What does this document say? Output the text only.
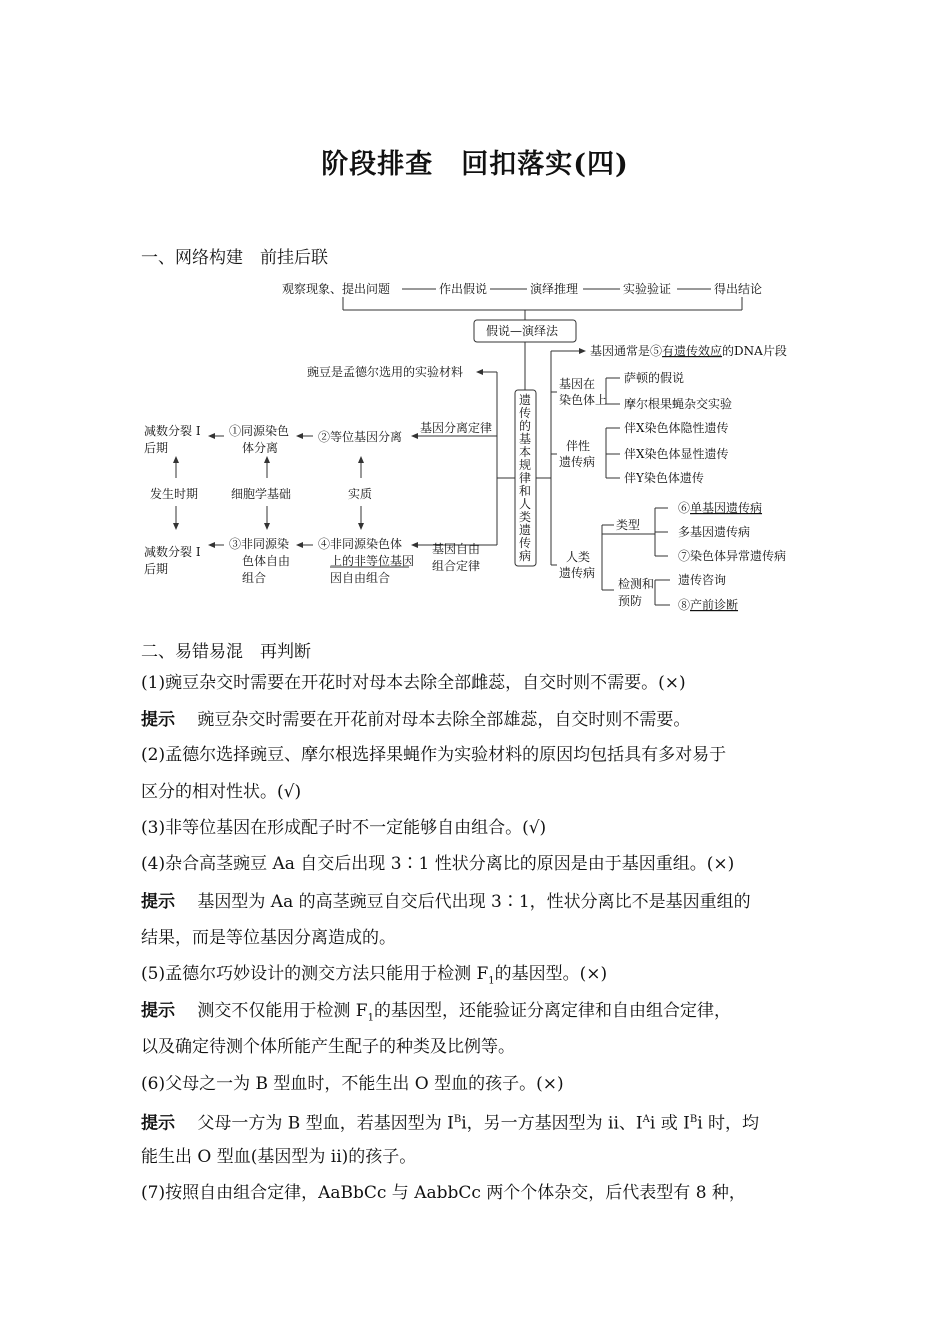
阶段排查　回扣落实(四)
一、网络构建　前挂后联
观察现象、提出问题	作出假说	演绎推理	实验验证	得出结论
假说—演绎法
遗
传
的
基
本
规
律
和
人
类
遗
传
病
豌豆是孟德尔选用的实验材料
基因分离定律
基因自由
组合定律
②等位基因分离
实质
④非同源染色体
上的非等位基因
因自由组合
①同源染色
体分离
细胞学基础
③非同源染
色体自由
组合
减数分裂 I
后期
发生时期
减数分裂 I
后期
基因通常是⑤有遗传效应的DNA片段
基因在
染色体上
萨顿的假说
摩尔根果蝇杂交实验
伴性
遗传病
伴X染色体隐性遗传
伴X染色体显性遗传
伴Y染色体遗传
人类
遗传病
类型
⑥单基因遗传病
多基因遗传病
⑦染色体异常遗传病
检测和
预防
遗传咨询
⑧产前诊断
二、易错易混　再判断
(1)豌豆杂交时需要在开花时对母本去除全部雌蕊，自交时则不需要。(×)
提示　 豌豆杂交时需要在开花前对母本去除全部雄蕊，自交时则不需要。
(2)孟德尔选择豌豆、摩尔根选择果蝇作为实验材料的原因均包括具有多对易于
区分的相对性状。(√)
(3)非等位基因在形成配子时不一定能够自由组合。(√)
(4)杂合高茎豌豆 Aa 自交后出现 3∶1 性状分离比的原因是由于基因重组。(×)
提示　 基因型为 Aa 的高茎豌豆自交后代出现 3∶1，性状分离比不是基因重组的
结果，而是等位基因分离造成的。
(5)孟德尔巧妙设计的测交方法只能用于检测 $F_1$的基因型。(×)
提示　 测交不仅能用于检测 $F_1$的基因型，还能验证分离定律和自由组合定律，
以及确定待测个体所能产生配子的种类及比例等。
(6)父母之一为 B 型血时，不能生出 O 型血的孩子。(×)
提示　 父母一方为 B 型血，若基因型为 $I^Bi$，另一方基因型为 ii、$I^Ai$ 或 $I^Bi$ 时，均
能生出 O 型血(基因型为 ii)的孩子。
(7)按照自由组合定律，AaBbCc 与 AabbCc 两个个体杂交，后代表型有 8 种，
